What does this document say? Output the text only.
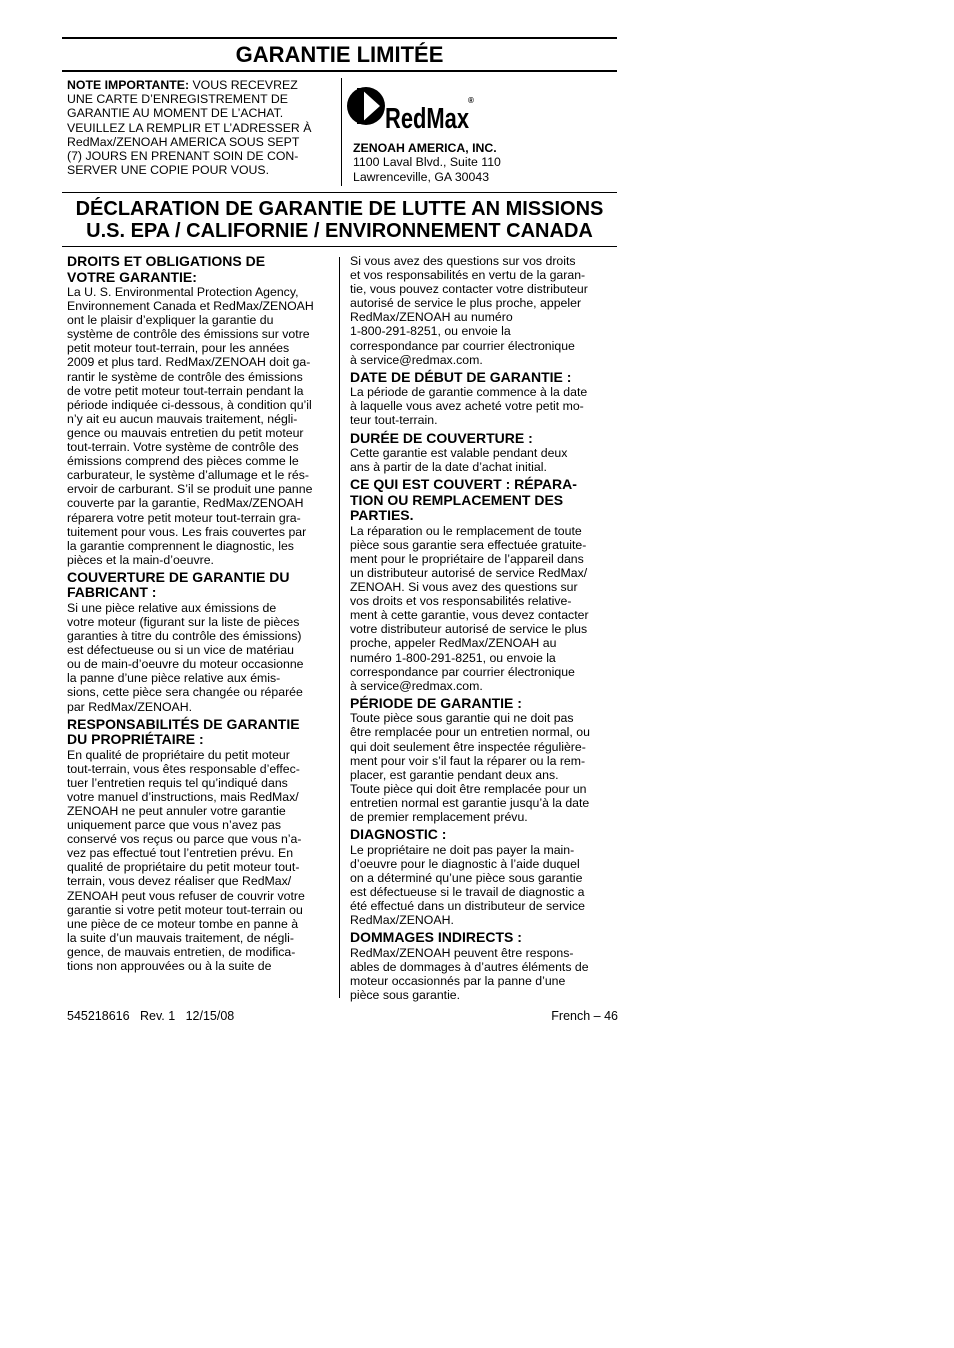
GARANTIE LIMITÉE
NOTE IMPORTANTE: VOUS RECEVREZ
UNE CARTE D’ENREGISTREMENT DE
GARANTIE AU MOMENT DE L’ACHAT.
VEUILLEZ LA REMPLIR ET L’ADRESSER À
RedMax/ZENOAH AMERICA SOUS SEPT
(7) JOURS EN PRENANT SOIN DE CON-
SERVER UNE COPIE POUR VOUS.
RedMax
®
ZENOAH AMERICA, INC.
1100 Laval Blvd., Suite 110
Lawrenceville, GA 30043
DÉCLARATION DE GARANTIE DE LUTTE AN MISSIONS
U.S. EPA / CALIFORNIE / ENVIRONNEMENT CANADA
DROITS ET OBLIGATIONS DE
VOTRE GARANTIE:
La U. S. Environmental Protection Agency,
Environnement Canada et RedMax/ZENOAH
ont le plaisir d’expliquer la garantie du
système de contrôle des émissions sur votre
petit moteur tout-terrain, pour les années
2009 et plus tard. RedMax/ZENOAH doit ga-
rantir le système de contrôle des émissions
de votre petit moteur tout-terrain pendant la
période indiquée ci-dessous, à condition qu’il
n’y ait eu aucun mauvais traitement, négli-
gence ou mauvais entretien du petit moteur
tout-terrain. Votre système de contrôle des
émissions comprend des pièces comme le
carburateur, le système d’allumage et le rés-
ervoir de carburant. S’il se produit une panne
couverte par la garantie, RedMax/ZENOAH
réparera votre petit moteur tout-terrain gra-
tuitement pour vous. Les frais couvertes par
la garantie comprennent le diagnostic, les
pièces et la main-d’oeuvre.
COUVERTURE DE GARANTIE DU
FABRICANT :
Si une pièce relative aux émissions de
votre moteur (figurant sur la liste de pièces
garanties à titre du contrôle des émissions)
est défectueuse ou si un vice de matériau
ou de main-d’oeuvre du moteur occasionne
la panne d’une pièce relative aux émis-
sions, cette pièce sera changée ou réparée
par RedMax/ZENOAH.
RESPONSABILITÉS DE GARANTIE
DU PROPRIÉTAIRE :
En qualité de propriétaire du petit moteur
tout-terrain, vous êtes responsable d’effec-
tuer l’entretien requis tel qu’indiqué dans
votre manuel d’instructions, mais RedMax/
ZENOAH ne peut annuler votre garantie
uniquement parce que vous n’avez pas
conservé vos reçus ou parce que vous n’a-
vez pas effectué tout l’entretien prévu. En
qualité de propriétaire du petit moteur tout-
terrain, vous devez réaliser que RedMax/
ZENOAH peut vous refuser de couvrir votre
garantie si votre petit moteur tout-terrain ou
une pièce de ce moteur tombe en panne à
la suite d’un mauvais traitement, de négli-
gence, de mauvais entretien, de modifica-
tions non approuvées ou à la suite de
Si vous avez des questions sur vos droits
et vos responsabilités en vertu de la garan-
tie, vous pouvez contacter votre distributeur
autorisé de service le plus proche, appeler
RedMax/ZENOAH au numéro
1-800-291-8251, ou envoie la
correspondance par courrier électronique
à service@redmax.com.
DATE DE DÉBUT DE GARANTIE :
La période de garantie commence à la date
à laquelle vous avez acheté votre petit mo-
teur tout-terrain.
DURÉE DE COUVERTURE :
Cette garantie est valable pendant deux
ans à partir de la date d’achat initial.
CE QUI EST COUVERT : RÉPARA-
TION OU REMPLACEMENT DES
PARTIES.
La réparation ou le remplacement de toute
pièce sous garantie sera effectuée gratuite-
ment pour le propriétaire de l’appareil dans
un distributeur autorisé de service RedMax/
ZENOAH. Si vous avez des questions sur
vos droits et vos responsabilités relative-
ment à cette garantie, vous devez contacter
votre distributeur autorisé de service le plus
proche, appeler RedMax/ZENOAH au
numéro 1-800-291-8251, ou envoie la
correspondance par courrier électronique
à service@redmax.com.
PÉRIODE DE GARANTIE :
Toute pièce sous garantie qui ne doit pas
être remplacée pour un entretien normal, ou
qui doit seulement être inspectée régulière-
ment pour voir s’il faut la réparer ou la rem-
placer, est garantie pendant deux ans.
Toute pièce qui doit être remplacée pour un
entretien normal est garantie jusqu’à la date
de premier remplacement prévu.
DIAGNOSTIC :
Le propriétaire ne doit pas payer la main-
d’oeuvre pour le diagnostic à l’aide duquel
on a déterminé qu’une pièce sous garantie
est défectueuse si le travail de diagnostic a
été effectué dans un distributeur de service
RedMax/ZENOAH.
DOMMAGES INDIRECTS :
RedMax/ZENOAH peuvent être respons-
ables de dommages à d’autres éléments de
moteur occasionnés par la panne d’une
pièce sous garantie.
545218616   Rev. 1   12/15/08	French – 46
